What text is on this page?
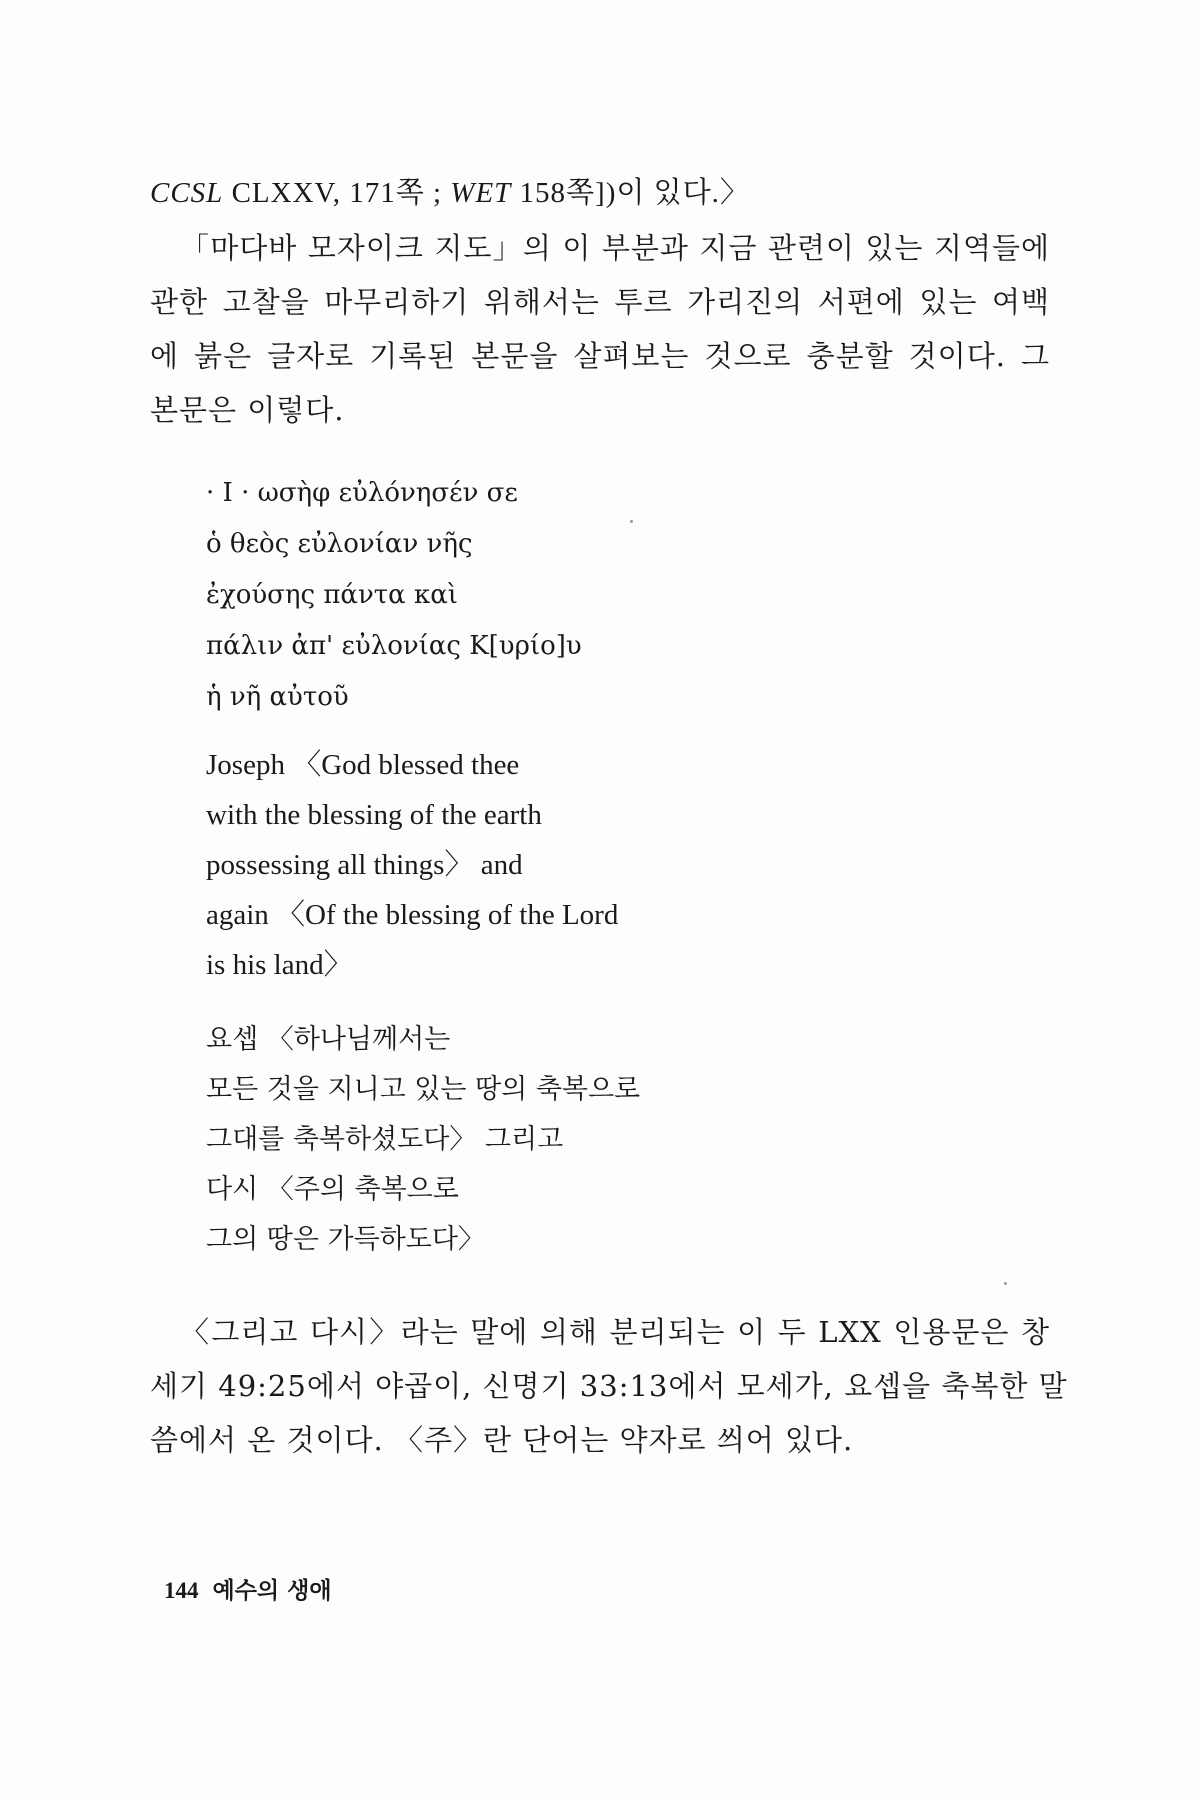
CCSL CLXXV, 171쪽 ; WET 158쪽])이 있다.〉
「마다바 모자이크 지도」의 이 부분과 지금 관련이 있는 지역들에
관한 고찰을 마무리하기 위해서는 투르 가리진의 서편에 있는 여백
에 붉은 글자로 기록된 본문을 살펴보는 것으로 충분할 것이다. 그
본문은 이렇다.
· Ι · ωσὴφ εὐλόνησέν σε
ὁ θεὸς εὐλονίαν νῆς
ἐχούσης πάντα καὶ
πάλιν ἀπ' εὐλονίας Κ[υρίο]υ
ἡ νῆ αὐτοῦ
Joseph 〈God blessed thee
with the blessing of the earth
possessing all things〉 and
again 〈Of the blessing of the Lord
is his land〉
요셉 〈하나님께서는
모든 것을 지니고 있는 땅의 축복으로
그대를 축복하셨도다〉 그리고
다시 〈주의 축복으로
그의 땅은 가득하도다〉
〈그리고 다시〉라는 말에 의해 분리되는 이 두 LXX 인용문은 창
세기 49:25에서 야곱이, 신명기 33:13에서 모세가, 요셉을 축복한 말
씀에서 온 것이다. 〈주〉란 단어는 약자로 씌어 있다.
144 예수의 생애
